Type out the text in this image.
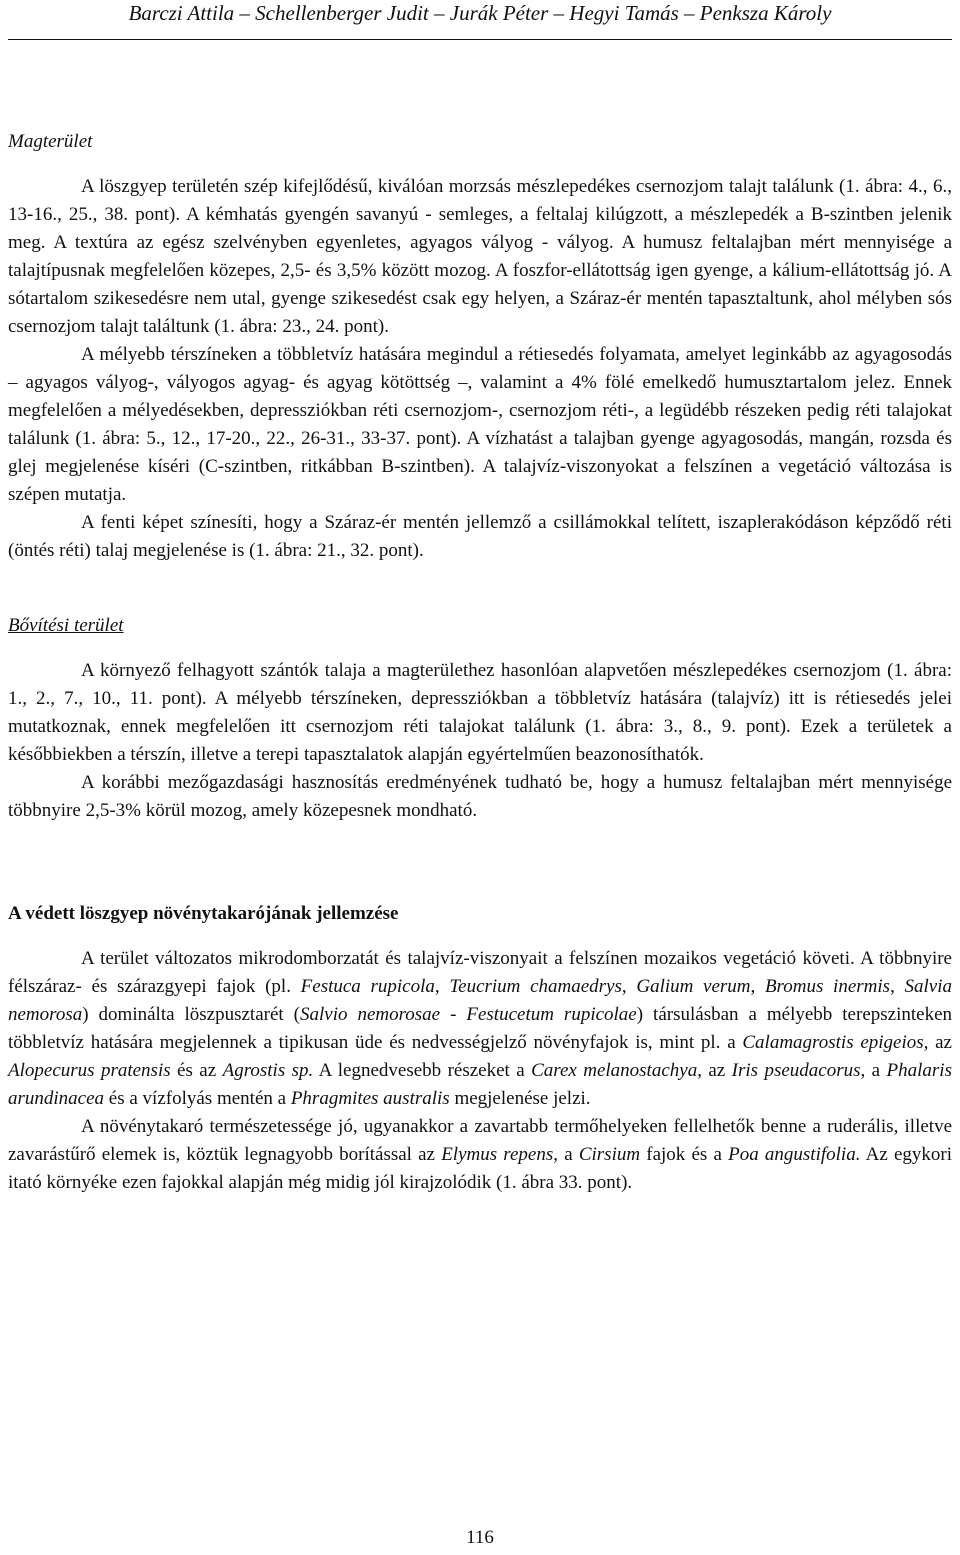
Barczi Attila – Schellenberger Judit – Jurák Péter – Hegyi Tamás – Penksza Károly

Magterület

A löszgyep területén szép kifejlődésű, kiválóan morzsás mészlepedékes csernozjom talajt találunk (1. ábra: 4., 6., 13-16., 25., 38. pont). A kémhatás gyengén savanyú - semleges, a feltalaj kilúgzott, a mészlepedék a B-szintben jelenik meg. A textúra az egész szelvényben egyenletes, agyagos vályog - vályog. A humusz feltalajban mért mennyisége a talajtípusnak megfelelően közepes, 2,5- és 3,5% között mozog. A foszfor-ellátottság igen gyenge, a kálium-ellátottság jó. A sótartalom szikesedésre nem utal, gyenge szikesedést csak egy helyen, a Száraz-ér mentén tapasztaltunk, ahol mélyben sós csernozjom talajt találtunk (1. ábra: 23., 24. pont).

A mélyebb térszíneken a többletvíz hatására megindul a rétiesedés folyamata, amelyet leginkább az agyagosodás – agyagos vályog-, vályogos agyag- és agyag kötöttség –, valamint a 4% fölé emelkedő humusztartalom jelez. Ennek megfelelően a mélyedésekben, depressziókban réti csernozjom-, csernozjom réti-, a legüdébb részeken pedig réti talajokat találunk (1. ábra: 5., 12., 17-20., 22., 26-31., 33-37. pont). A vízhatást a talajban gyenge agyagosodás, mangán, rozsda és glej megjelenése kíséri (C-szintben, ritkábban B-szintben). A talajvíz-viszonyokat a felszínen a vegetáció változása is szépen mutatja.

A fenti képet színesíti, hogy a Száraz-ér mentén jellemző a csillámokkal telített, iszaplerakódáson képződő réti (öntés réti) talaj megjelenése is (1. ábra: 21., 32. pont).

Bővítési terület

A környező felhagyott szántók talaja a magterülethez hasonlóan alapvetően mészlepedékes csernozjom (1. ábra: 1., 2., 7., 10., 11. pont). A mélyebb térszíneken, depressziókban a többletvíz hatására (talajvíz) itt is rétiesedés jelei mutatkoznak, ennek megfelelően itt csernozjom réti talajokat találunk (1. ábra: 3., 8., 9. pont). Ezek a területek a későbbiekben a térszín, illetve a terepi tapasztalatok alapján egyértelműen beazonosíthatók.

A korábbi mezőgazdasági hasznosítás eredményének tudható be, hogy a humusz feltalajban mért mennyisége többnyire 2,5-3% körül mozog, amely közepesnek mondható.

A védett löszgyep növénytakarójának jellemzése

A terület változatos mikrodomborzatát és talajvíz-viszonyait a felszínen mozaikos vegetáció követi. A többnyire félszáraz- és szárazgyepi fajok (pl. Festuca rupicola, Teucrium chamaedrys, Galium verum, Bromus inermis, Salvia nemorosa) dominálta löszpusztarét (Salvio nemorosae - Festucetum rupicolae) társulásban a mélyebb terepszinteken többletvíz hatására megjelennek a tipikusan üde és nedvességjelző növényfajok is, mint pl. a Calamagrostis epigeios, az Alopecurus pratensis és az Agrostis sp. A legnedvesebb részeket a Carex melanostachya, az Iris pseudacorus, a Phalaris arundinacea és a vízfolyás mentén a Phragmites australis megjelenése jelzi.

A növénytakaró természetessége jó, ugyanakkor a zavartabb termőhelyeken fellelhetők benne a ruderális, illetve zavarástűrő elemek is, köztük legnagyobb borítással az Elymus repens, a Cirsium fajok és a Poa angustifolia. Az egykori itató környéke ezen fajokkal alapján még midig jól kirajzolódik (1. ábra 33. pont).

116
